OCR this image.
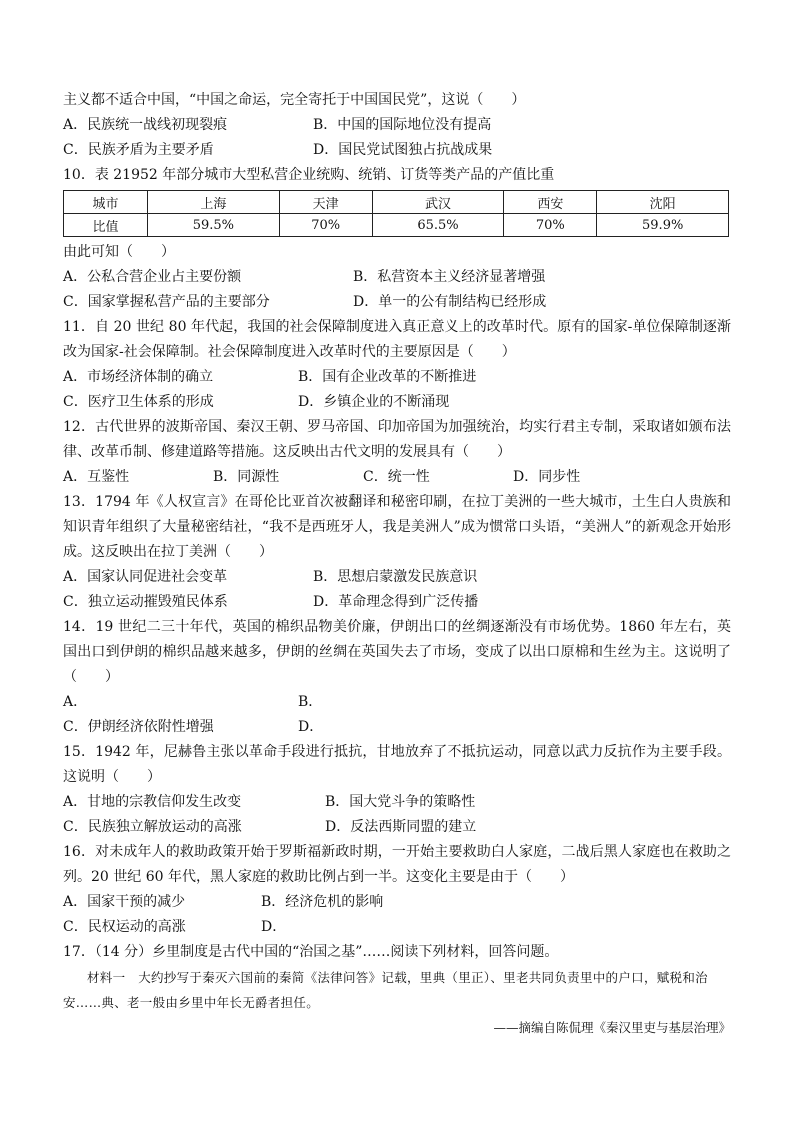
主义都不适合中国，“中国之命运，完全寄托于中国国民党”，这说（　　）
A．民族统一战线初现裂痕	B．中国的国际地位没有提高
C．民族矛盾为主要矛盾	D．国民党试图独占抗战成果
10．表 21952 年部分城市大型私营企业统购、统销、订货等类产品的产值比重
城市	上海	天津	武汉	西安	沈阳
比值	59.5%	70%	65.5%	70%	59.9%
由此可知（　　）
A．公私合营企业占主要份额	B．私营资本主义经济显著增强
C．国家掌握私营产品的主要部分	D．单一的公有制结构已经形成
11．自 20 世纪 80 年代起，我国的社会保障制度进入真正意义上的改革时代。原有的国家-单位保障制逐渐改为国家-社会保障制。社会保障制度进入改革时代的主要原因是（　　）
A．市场经济体制的确立	B．国有企业改革的不断推进
C．医疗卫生体系的形成	D．乡镇企业的不断涌现
12．古代世界的波斯帝国、秦汉王朝、罗马帝国、印加帝国为加强统治，均实行君主专制，采取诸如颁布法律、改革币制、修建道路等措施。这反映出古代文明的发展具有（　　）
A．互鉴性	B．同源性	C．统一性	D．同步性
13．1794 年《人权宣言》在哥伦比亚首次被翻译和秘密印刷，在拉丁美洲的一些大城市，土生白人贵族和知识青年组织了大量秘密结社，“我不是西班牙人，我是美洲人”成为惯常口头语，“美洲人”的新观念开始形成。这反映出在拉丁美洲（　　）
A．国家认同促进社会变革	B．思想启蒙激发民族意识
C．独立运动摧毁殖民体系	D．革命理念得到广泛传播
14．19 世纪二三十年代，英国的棉织品物美价廉，伊朗出口的丝绸逐渐没有市场优势。1860 年左右，英国出口到伊朗的棉织品越来越多，伊朗的丝绸在英国失去了市场，变成了以出口原棉和生丝为主。这说明了（　　）
A．	B．
C．伊朗经济依附性增强	D．
15．1942 年，尼赫鲁主张以革命手段进行抵抗，甘地放弃了不抵抗运动，同意以武力反抗作为主要手段。这说明（　　）
A．甘地的宗教信仰发生改变	B．国大党斗争的策略性
C．民族独立解放运动的高涨	D．反法西斯同盟的建立
16．对未成年人的救助政策开始于罗斯福新政时期，一开始主要救助白人家庭，二战后黑人家庭也在救助之列。20 世纪 60 年代，黑人家庭的救助比例占到一半。这变化主要是由于（　　）
A．国家干预的减少	B．经济危机的影响
C．民权运动的高涨	D．
17．（14 分）乡里制度是古代中国的“治国之基”……阅读下列材料，回答问题。
材料一　大约抄写于秦灭六国前的秦简《法律问答》记载，里典（里正）、里老共同负责里中的户口，赋税和治安……典、老一般由乡里中年长无爵者担任。
——摘编自陈侃理《秦汉里吏与基层治理》
